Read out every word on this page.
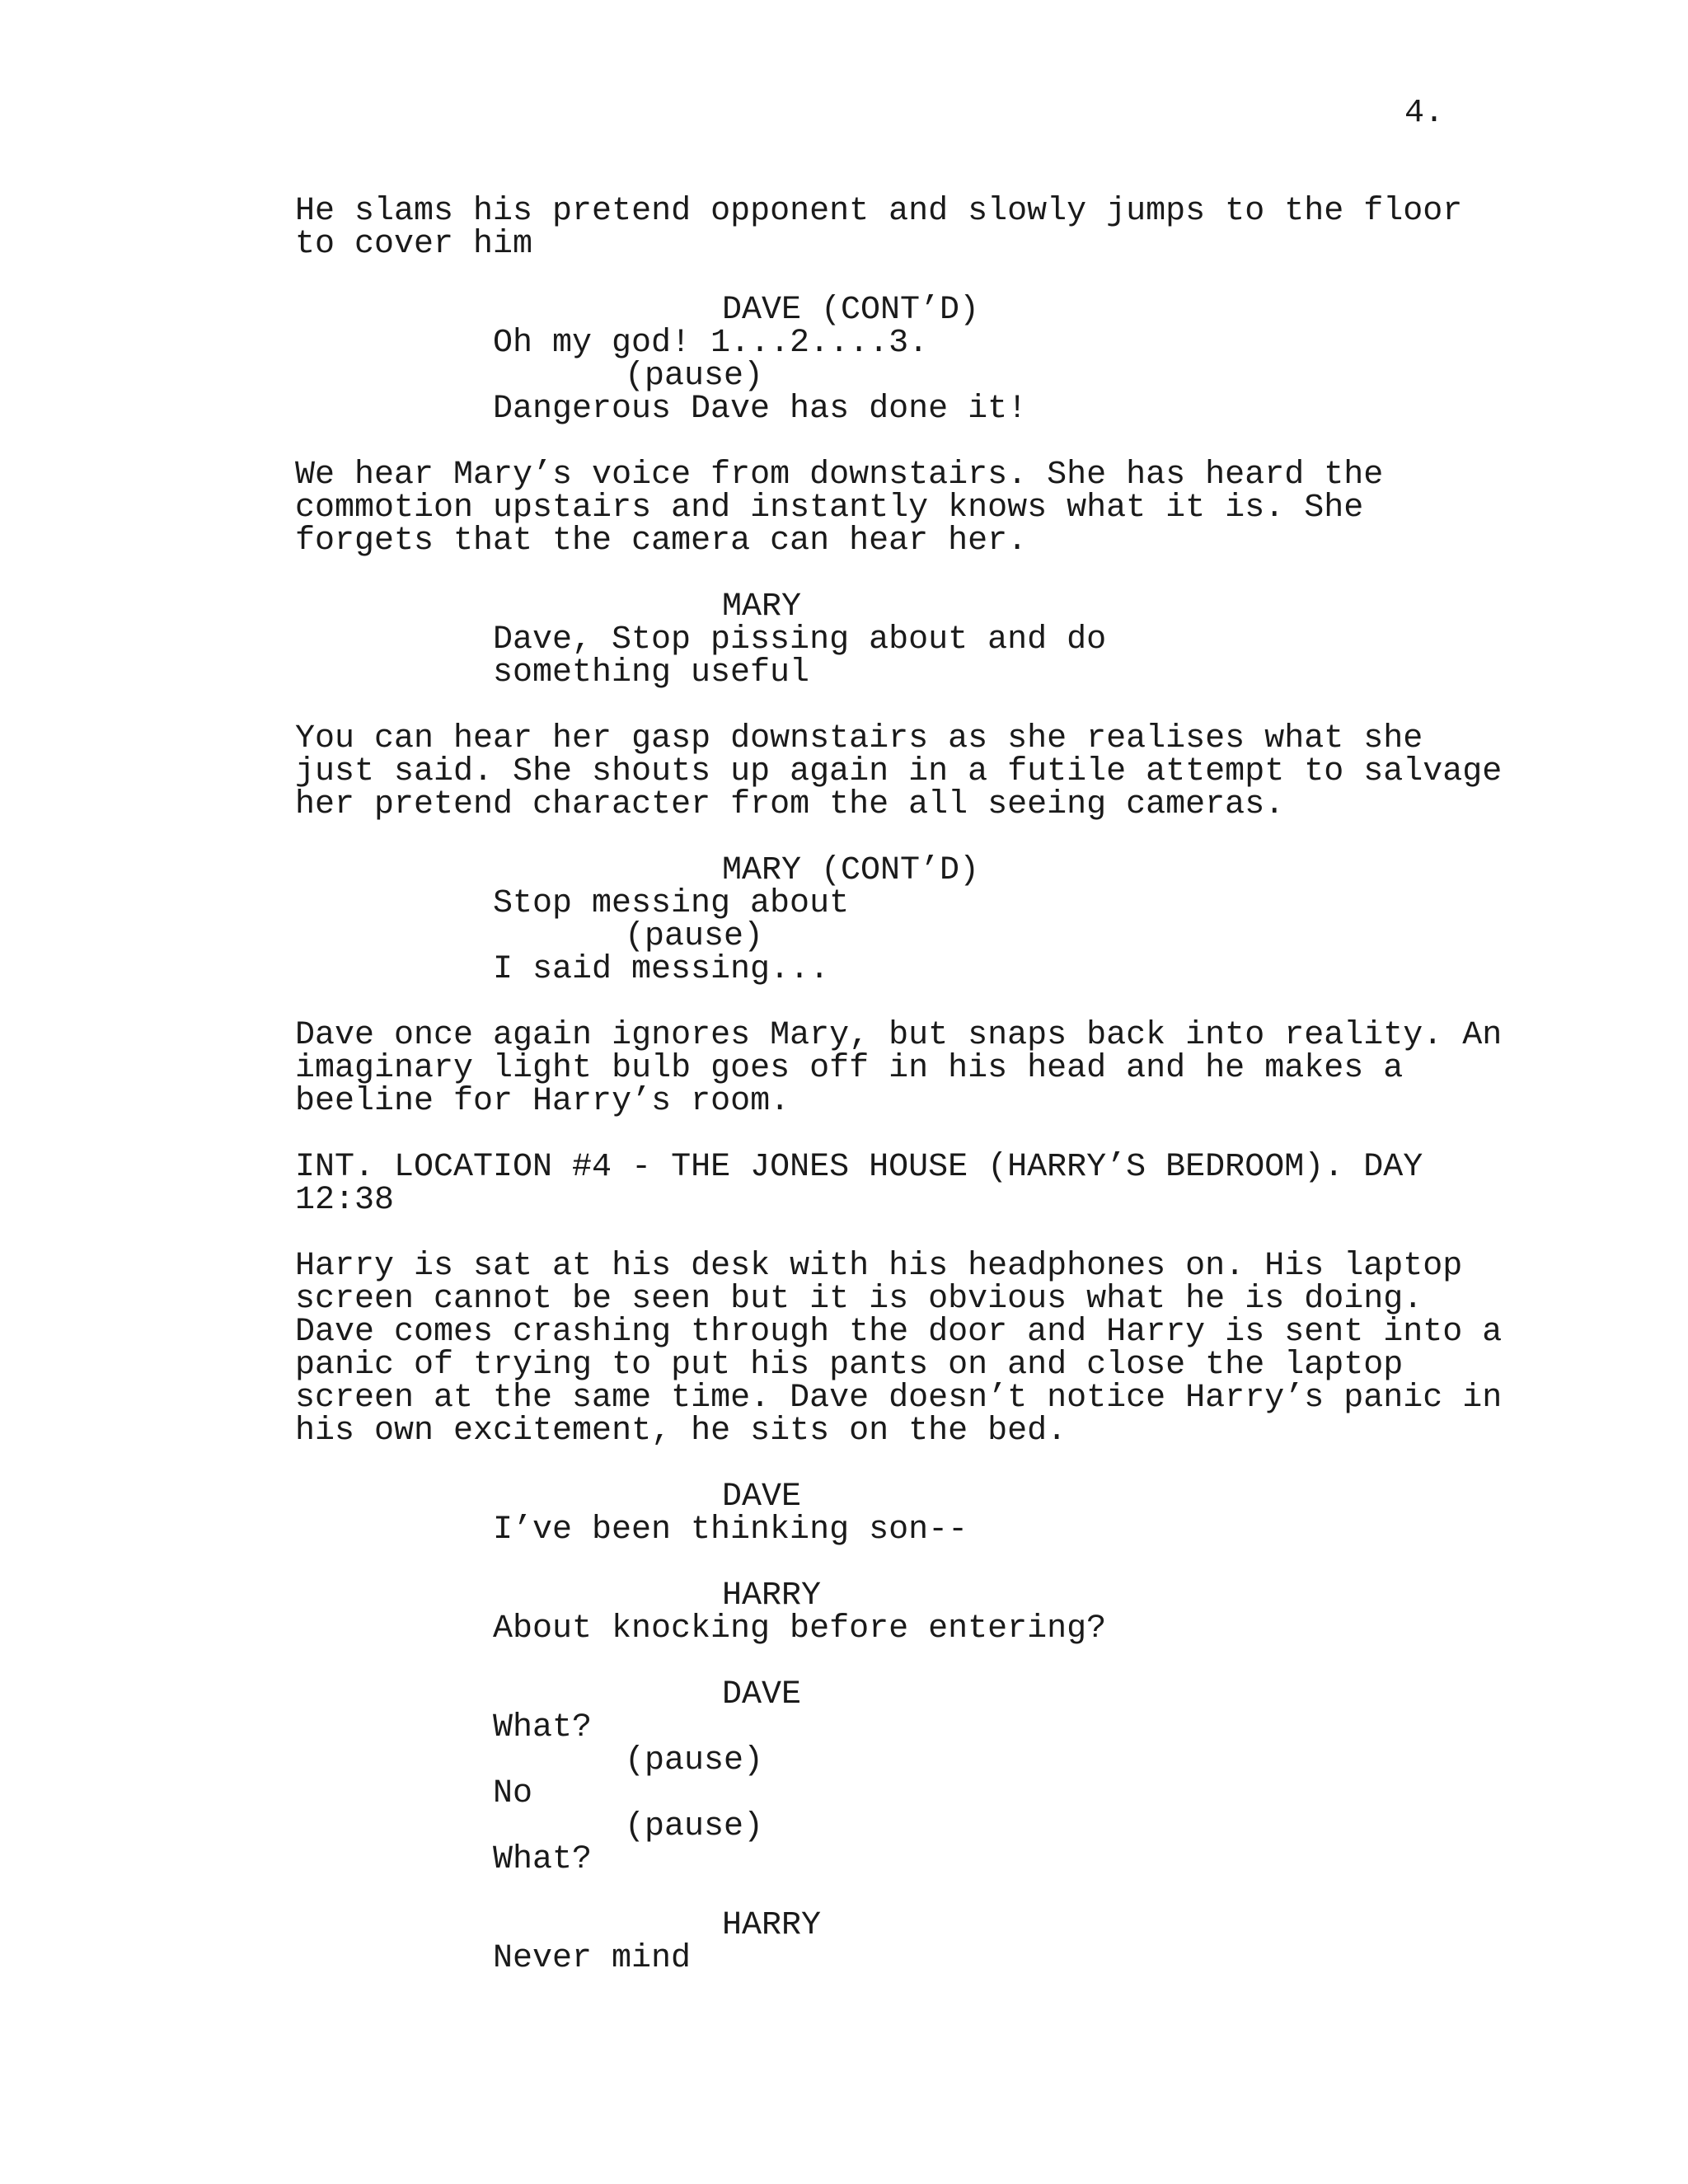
4.
He slams his pretend opponent and slowly jumps to the floor
to cover him
DAVE (CONT’D)
Oh my god! 1...2....3.
(pause)
Dangerous Dave has done it!
We hear Mary’s voice from downstairs. She has heard the
commotion upstairs and instantly knows what it is. She
forgets that the camera can hear her.
MARY
Dave, Stop pissing about and do
something useful
You can hear her gasp downstairs as she realises what she
just said. She shouts up again in a futile attempt to salvage
her pretend character from the all seeing cameras.
MARY (CONT’D)
Stop messing about
(pause)
I said messing...
Dave once again ignores Mary, but snaps back into reality. An
imaginary light bulb goes off in his head and he makes a
beeline for Harry’s room.
INT. LOCATION #4 - THE JONES HOUSE (HARRY’S BEDROOM). DAY
12:38
Harry is sat at his desk with his headphones on. His laptop
screen cannot be seen but it is obvious what he is doing.
Dave comes crashing through the door and Harry is sent into a
panic of trying to put his pants on and close the laptop
screen at the same time. Dave doesn’t notice Harry’s panic in
his own excitement, he sits on the bed.
DAVE
I’ve been thinking son--
HARRY
About knocking before entering?
DAVE
What?
(pause)
No
(pause)
What?
HARRY
Never mind
